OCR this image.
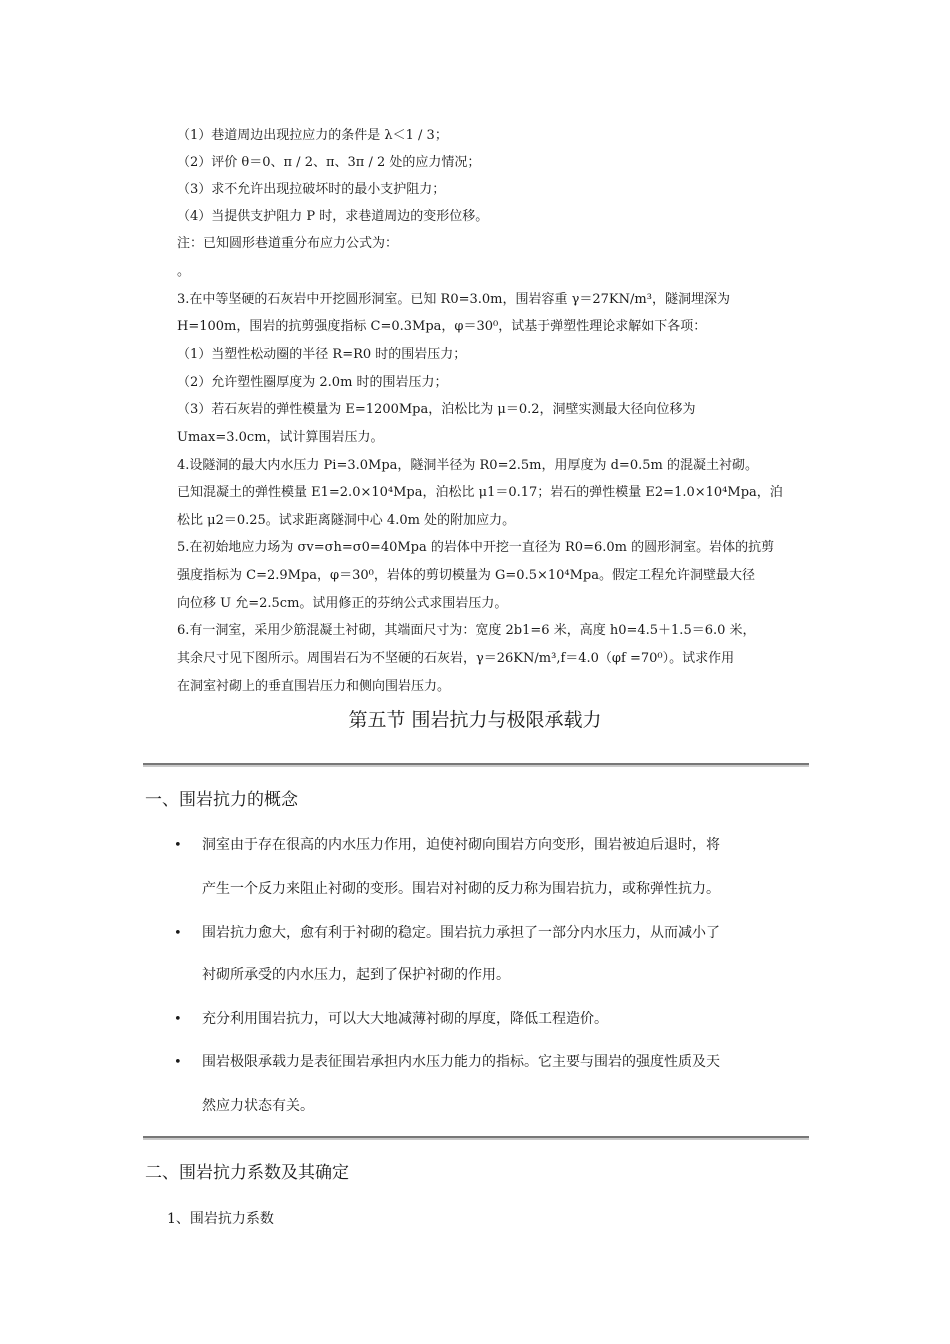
（1）巷道周边出现拉应力的条件是 λ＜1 / 3；
（2）评价 θ＝0、π / 2、π、3π / 2 处的应力情况；
（3）求不允许出现拉破坏时的最小支护阻力；
（4）当提供支护阻力 P 时，求巷道周边的变形位移。
注：已知圆形巷道重分布应力公式为：
。
3.在中等坚硬的石灰岩中开挖圆形洞室。已知 R0=3.0m，围岩容重 γ＝27KN/m³，隧洞埋深为
H=100m，围岩的抗剪强度指标 C=0.3Mpa，φ＝30⁰，试基于弹塑性理论求解如下各项：
（1）当塑性松动圈的半径 R=R0 时的围岩压力；
（2）允许塑性圈厚度为 2.0m 时的围岩压力；
（3）若石灰岩的弹性模量为 E=1200Mpa，泊松比为 μ＝0.2，洞壁实测最大径向位移为
Umax=3.0cm，试计算围岩压力。
4.设隧洞的最大内水压力 Pi=3.0Mpa，隧洞半径为 R0=2.5m，用厚度为 d=0.5m 的混凝土衬砌。
已知混凝土的弹性模量 E1=2.0×10⁴Mpa，泊松比 μ1＝0.17；岩石的弹性模量 E2=1.0×10⁴Mpa，泊
松比 μ2＝0.25。试求距离隧洞中心 4.0m 处的附加应力。
5.在初始地应力场为 σv=σh=σ0=40Mpa 的岩体中开挖一直径为 R0=6.0m 的圆形洞室。岩体的抗剪
强度指标为 C=2.9Mpa，φ＝30⁰，岩体的剪切模量为 G=0.5×10⁴Mpa。假定工程允许洞壁最大径
向位移 U 允=2.5cm。试用修正的芬纳公式求围岩压力。
6.有一洞室，采用少筋混凝土衬砌，其端面尺寸为：宽度 2b1=6 米，高度 h0=4.5＋1.5＝6.0 米，
其余尺寸见下图所示。周围岩石为不坚硬的石灰岩，γ＝26KN/m³,f＝4.0（φf =70⁰）。试求作用
在洞室衬砌上的垂直围岩压力和侧向围岩压力。
第五节 围岩抗力与极限承载力
一、围岩抗力的概念
• 洞室由于存在很高的内水压力作用，迫使衬砌向围岩方向变形，围岩被迫后退时，将
产生一个反力来阻止衬砌的变形。围岩对衬砌的反力称为围岩抗力，或称弹性抗力。
• 围岩抗力愈大，愈有利于衬砌的稳定。围岩抗力承担了一部分内水压力，从而减小了
衬砌所承受的内水压力，起到了保护衬砌的作用。
• 充分利用围岩抗力，可以大大地减薄衬砌的厚度，降低工程造价。
• 围岩极限承载力是表征围岩承担内水压力能力的指标。它主要与围岩的强度性质及天
然应力状态有关。
二、围岩抗力系数及其确定
1、围岩抗力系数
